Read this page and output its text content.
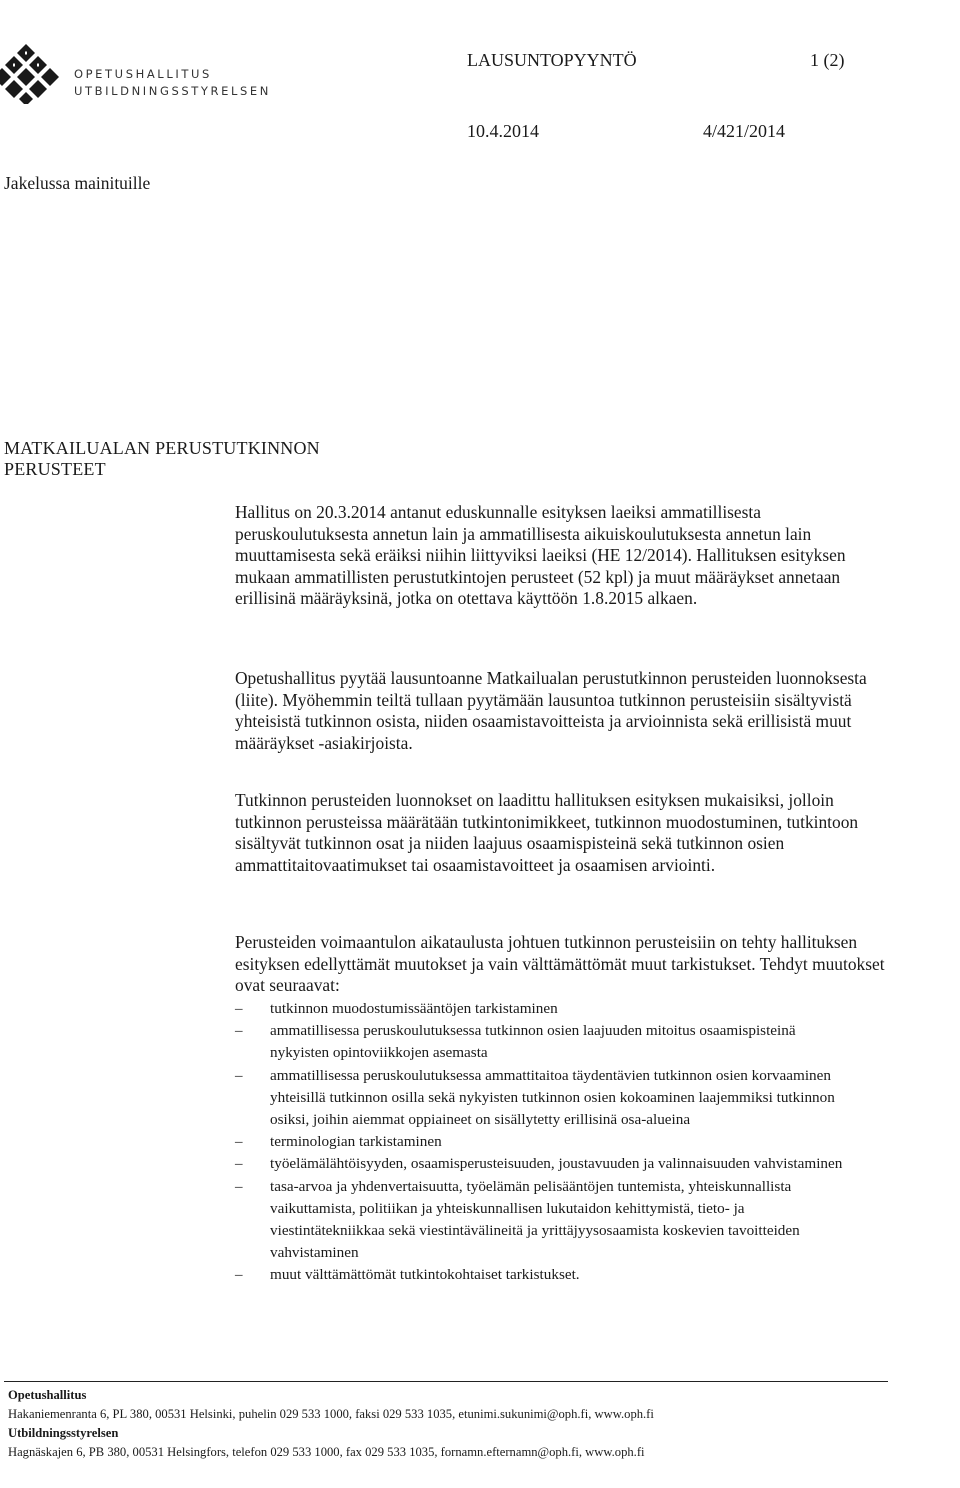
OPETUSHALLITUS
UTBILDNINGSSTYRELSEN
LAUSUNTOPYYNTÖ	1 (2)
10.4.2014	4/421/2014
Jakelussa mainituille
MATKAILUALAN PERUSTUTKINNON
PERUSTEET
Hallitus on 20.3.2014 antanut eduskunnalle esityksen laeiksi ammatillisesta peruskoulutuksesta annetun lain ja ammatillisesta aikuiskoulutuksesta annetun lain muuttamisesta sekä eräiksi niihin liittyviksi laeiksi (HE 12/2014). Hallituksen esityksen mukaan ammatillisten perustutkintojen perusteet (52 kpl) ja muut määräykset annetaan erillisinä määräyksinä, jotka on otettava käyttöön 1.8.2015 alkaen.
Opetushallitus pyytää lausuntoanne Matkailualan perustutkinnon perusteiden luonnoksesta (liite). Myöhemmin teiltä tullaan pyytämään lausuntoa tutkinnon perusteisiin sisältyvistä yhteisistä tutkinnon osista, niiden osaamistavoitteista ja arvioinnista sekä erillisistä muut määräykset -asiakirjoista.
Tutkinnon perusteiden luonnokset on laadittu hallituksen esityksen mukaisiksi, jolloin tutkinnon perusteissa määrätään tutkintonimikkeet, tutkinnon muodostuminen, tutkintoon sisältyvät tutkinnon osat ja niiden laajuus osaamispisteinä sekä tutkinnon osien ammattitaitovaatimukset tai osaamistavoitteet ja osaamisen arviointi.
Perusteiden voimaantulon aikataulusta johtuen tutkinnon perusteisiin on tehty hallituksen esityksen edellyttämät muutokset ja vain välttämättömät muut tarkistukset. Tehdyt muutokset ovat seuraavat:
– tutkinnon muodostumissääntöjen tarkistaminen
– ammatillisessa peruskoulutuksessa tutkinnon osien laajuuden mitoitus osaamispisteinä nykyisten opintoviikkojen asemasta
– ammatillisessa peruskoulutuksessa ammattitaitoa täydentävien tutkinnon osien korvaaminen yhteisillä tutkinnon osilla sekä nykyisten tutkinnon osien kokoaminen laajemmiksi tutkinnon osiksi, joihin aiemmat oppiaineet on sisällytetty erillisinä osa-alueina
– terminologian tarkistaminen
– työelämälähtöisyyden, osaamisperusteisuuden, joustavuuden ja valinnaisuuden vahvistaminen
– tasa-arvoa ja yhdenvertaisuutta, työelämän pelisääntöjen tuntemista, yhteiskunnallista vaikuttamista, politiikan ja yhteiskunnallisen lukutaidon kehittymistä, tieto- ja viestintätekniikkaa sekä viestintävälineitä ja yrittäjyysosaamista koskevien tavoitteiden vahvistaminen
– muut välttämättömät tutkintokohtaiset tarkistukset.
Opetushallitus
Hakaniemenranta 6, PL 380, 00531 Helsinki, puhelin 029 533 1000, faksi 029 533 1035, etunimi.sukunimi@oph.fi, www.oph.fi
Utbildningsstyrelsen
Hagnäskajen 6, PB 380, 00531 Helsingfors, telefon 029 533 1000, fax 029 533 1035, fornamn.efternamn@oph.fi, www.oph.fi
